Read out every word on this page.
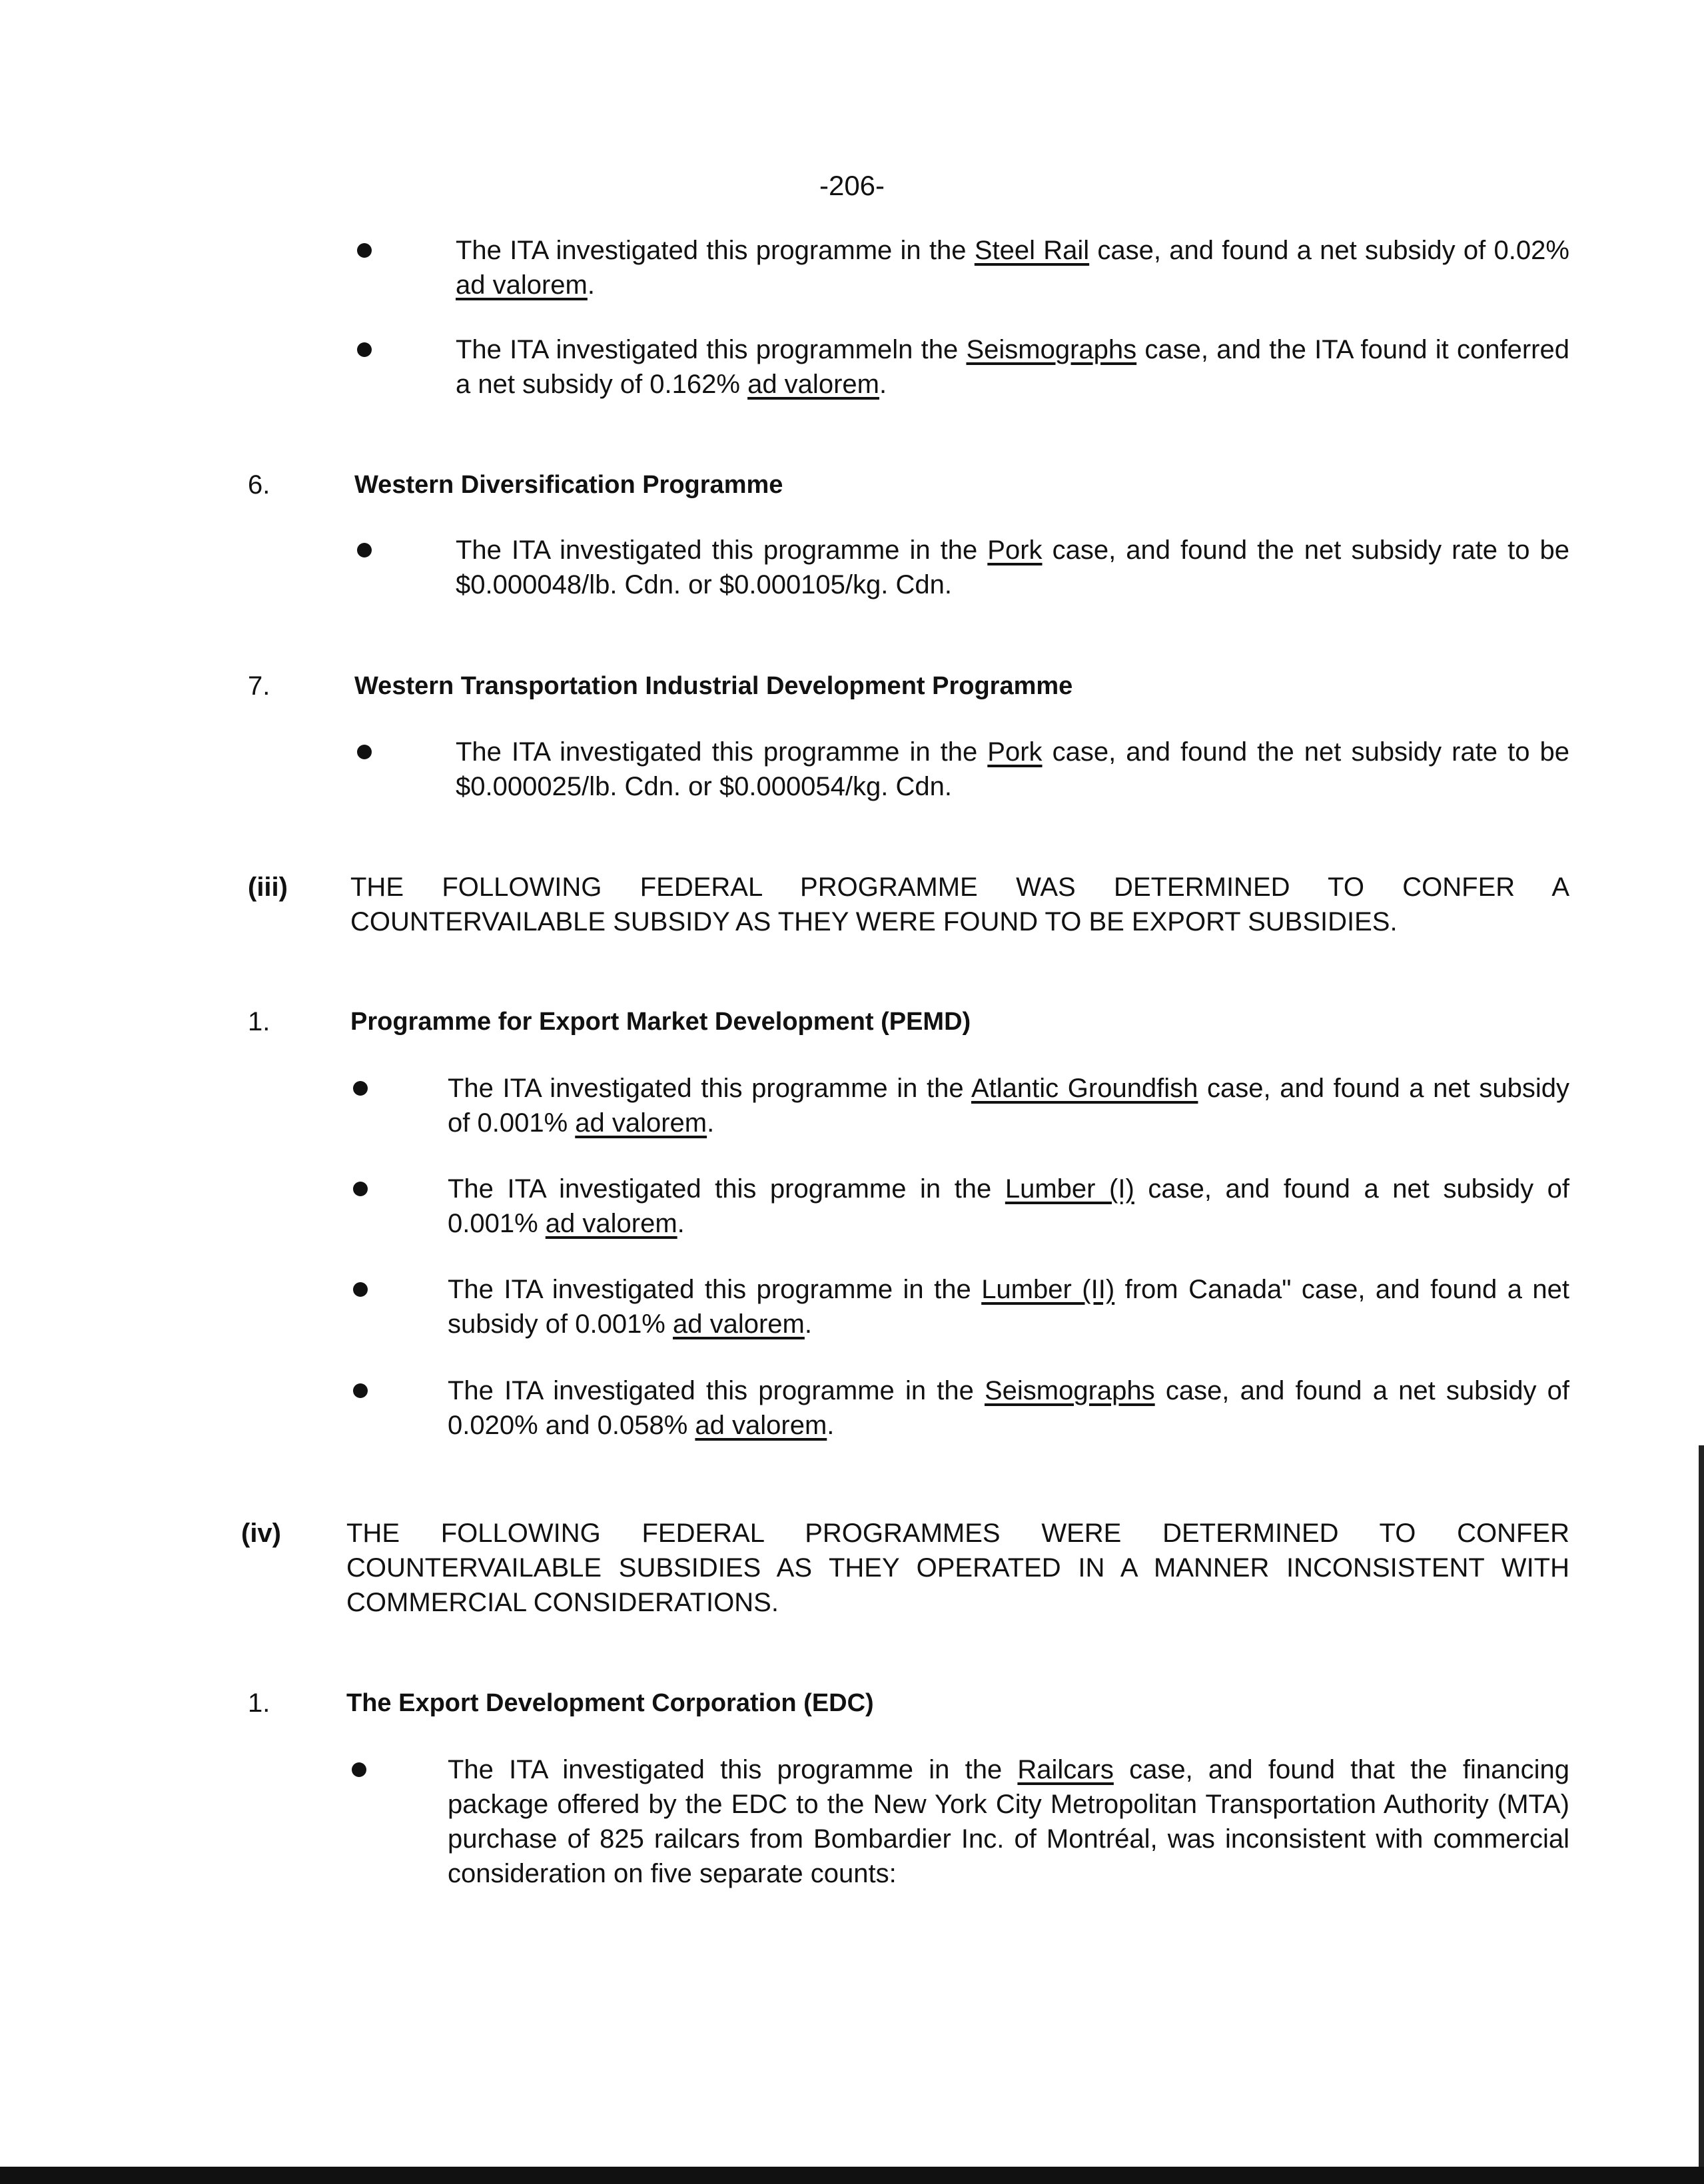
-206-
The ITA investigated this programme in the Steel Rail case, and found a net subsidy of 0.02% ad valorem.
The ITA investigated this programmeln the Seismographs case, and the ITA found it conferred a net subsidy of 0.162% ad valorem.
6.	Western Diversification Programme
The ITA investigated this programme in the Pork case, and found the net subsidy rate to be $0.000048/lb. Cdn. or $0.000105/kg. Cdn.
7.	Western Transportation Industrial Development Programme
The ITA investigated this programme in the Pork case, and found the net subsidy rate to be $0.000025/lb. Cdn. or $0.000054/kg. Cdn.
(iii) THE FOLLOWING FEDERAL PROGRAMME WAS DETERMINED TO CONFER A
COUNTERVAILABLE SUBSIDY AS THEY WERE FOUND TO BE EXPORT SUBSIDIES.
1.	Programme for Export Market Development (PEMD)
The ITA investigated this programme in the Atlantic Groundfish case, and found a net subsidy of 0.001% ad valorem.
The ITA investigated this programme in the Lumber (I) case, and found a net subsidy of 0.001% ad valorem.
The ITA investigated this programme in the Lumber (II) from Canada" case, and found a net subsidy of 0.001% ad valorem.
The ITA investigated this programme in the Seismographs case, and found a net subsidy of 0.020% and 0.058% ad valorem.
(iv) THE FOLLOWING FEDERAL PROGRAMMES WERE DETERMINED TO CONFER
COUNTERVAILABLE SUBSIDIES AS THEY OPERATED IN A MANNER INCONSISTENT WITH
COMMERCIAL CONSIDERATIONS.
1.	The Export Development Corporation (EDC)
The ITA investigated this programme in the Railcars case, and found that the financing package offered by the EDC to the New York City Metropolitan Transportation Authority (MTA) purchase of 825 railcars from Bombardier Inc. of Montréal, was inconsistent with commercial consideration on five separate counts:
